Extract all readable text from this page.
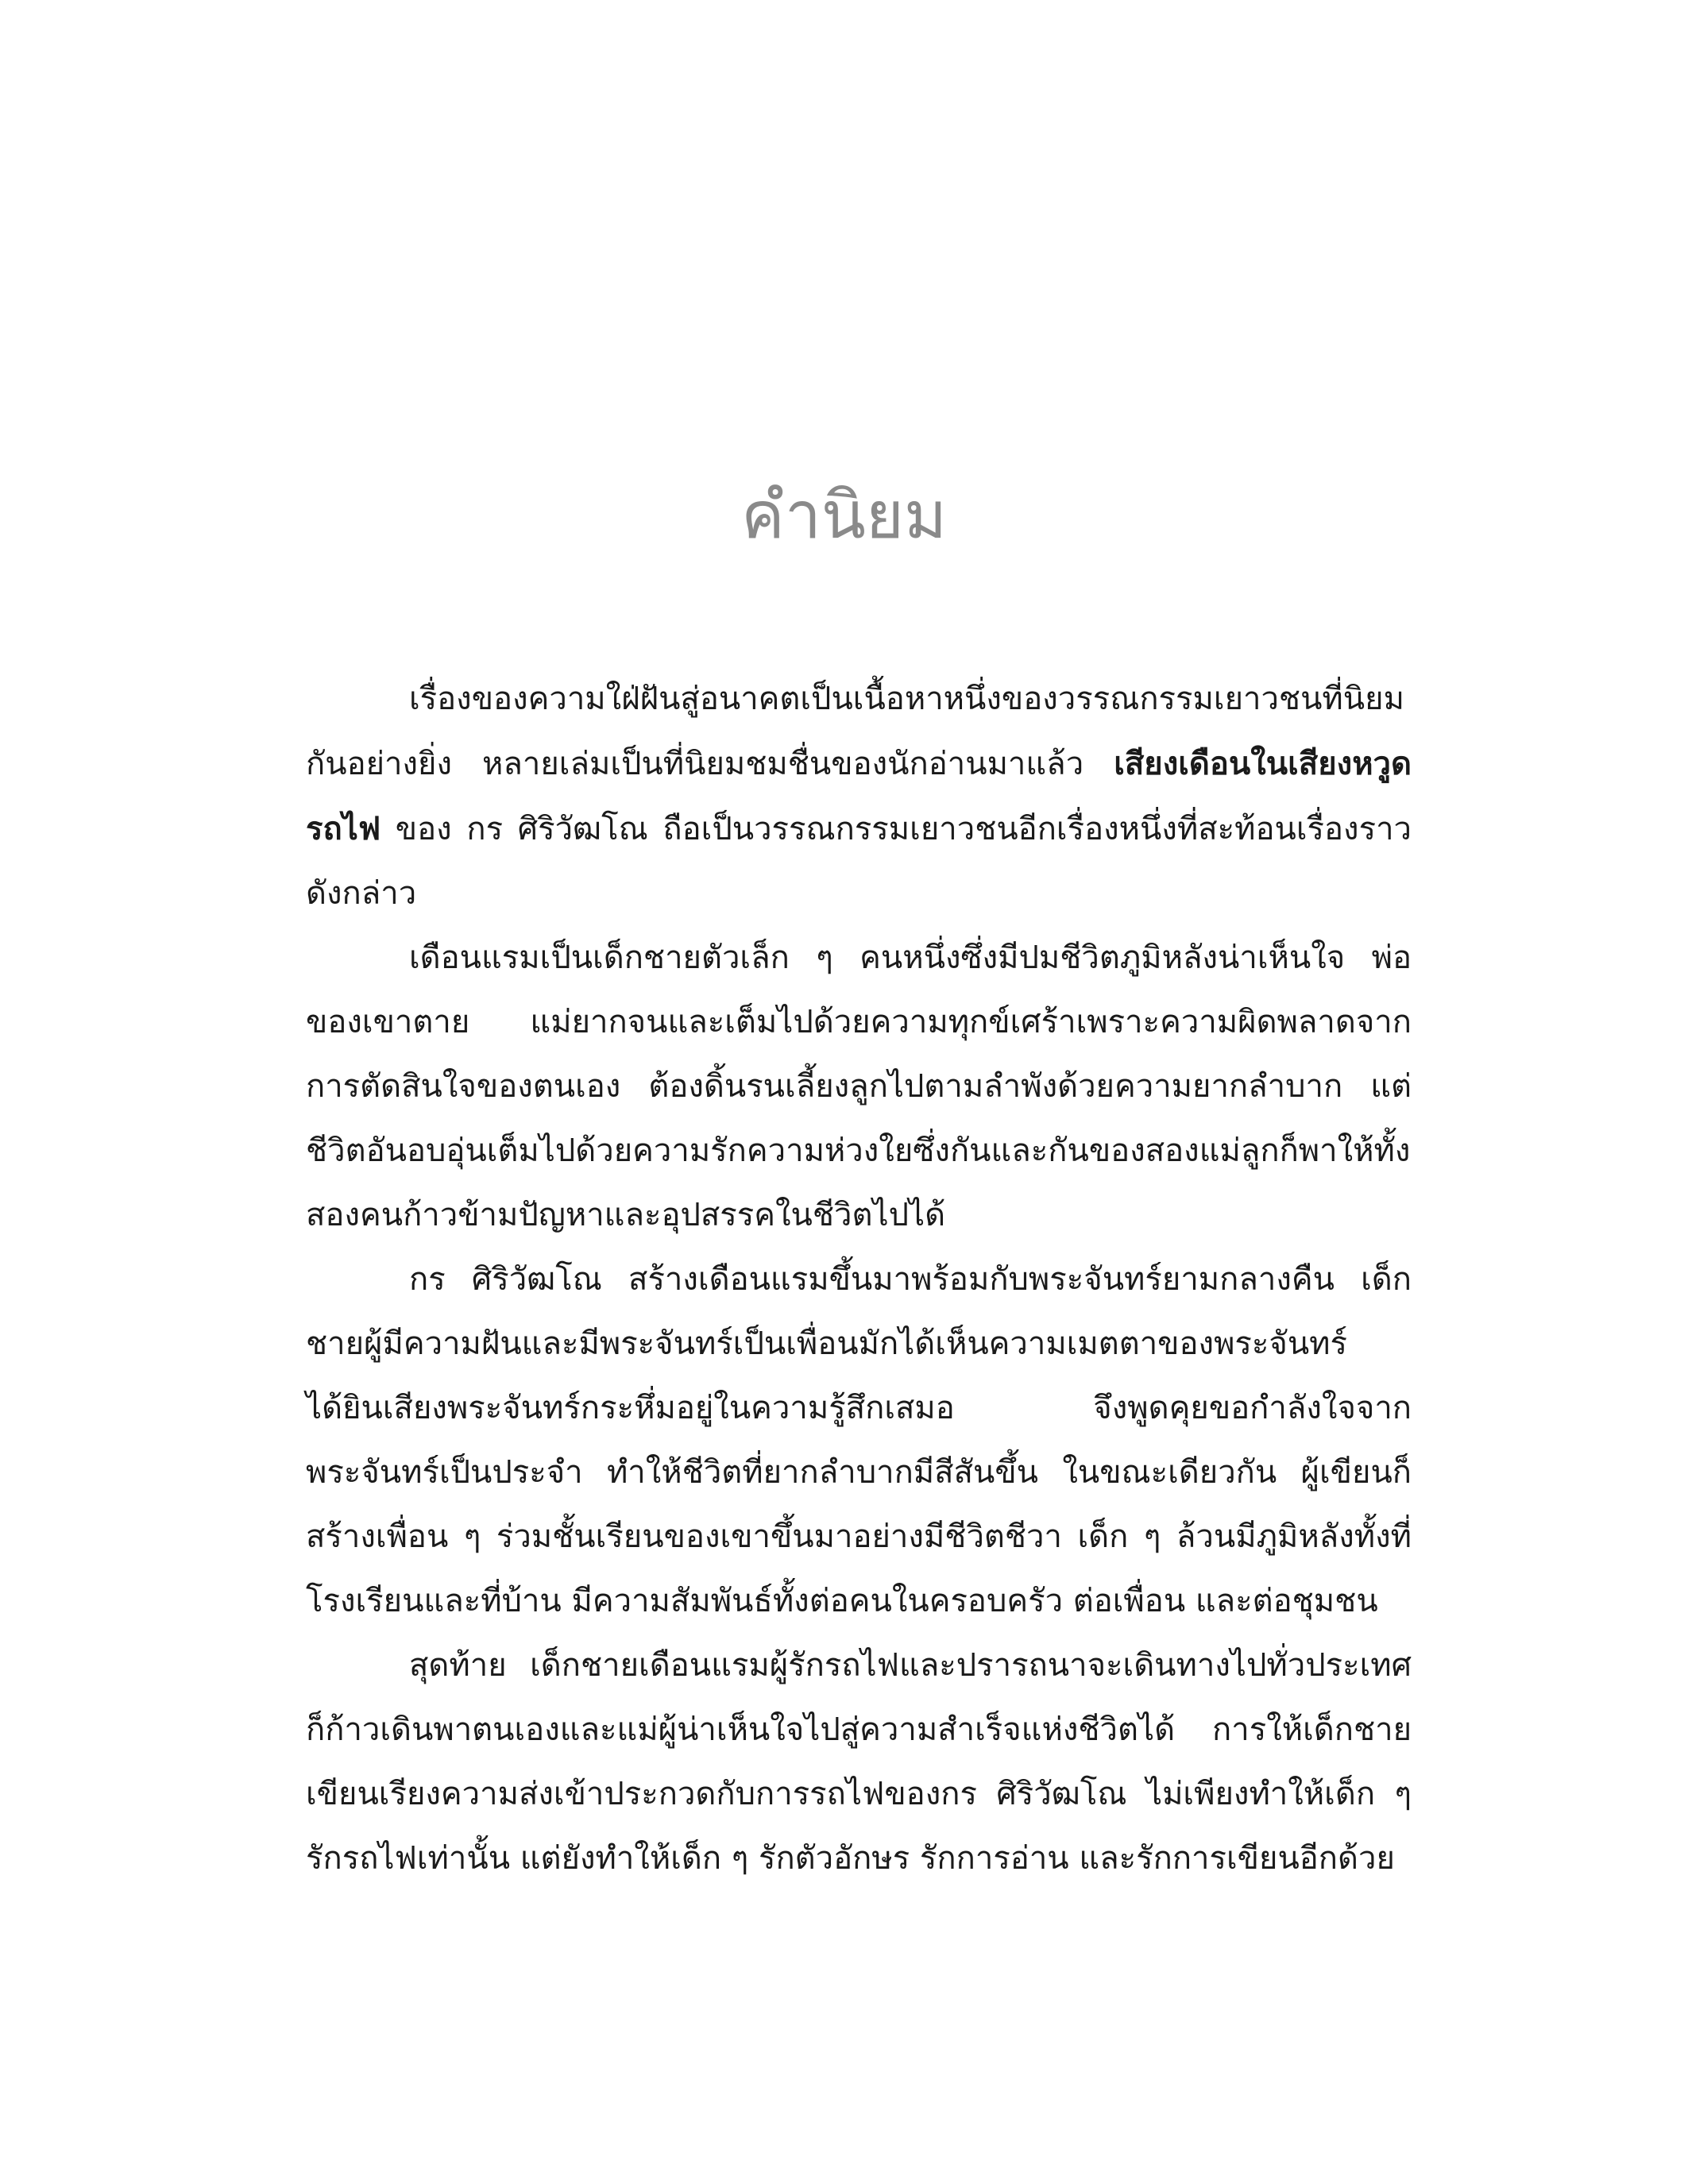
คำนิยม

เรื่องของความใฝ่ฝันสู่อนาคตเป็นเนื้อหาหนึ่งของวรรณกรรมเยาวชนที่นิยมกันอย่างยิ่ง หลายเล่มเป็นที่นิยมชมชื่นของนักอ่านมาแล้ว เสียงเดือนในเสียงหวูดรถไฟ ของ กร ศิริวัฒโณ ถือเป็นวรรณกรรมเยาวชนอีกเรื่องหนึ่งที่สะท้อนเรื่องราวดังกล่าว

เดือนแรมเป็นเด็กชายตัวเล็ก ๆ คนหนึ่งซึ่งมีปมชีวิตภูมิหลังน่าเห็นใจ พ่อของเขาตาย แม่ยากจนและเต็มไปด้วยความทุกข์เศร้าเพราะความผิดพลาดจากการตัดสินใจของตนเอง ต้องดิ้นรนเลี้ยงลูกไปตามลำพังด้วยความยากลำบาก แต่ชีวิตอันอบอุ่นเต็มไปด้วยความรักความห่วงใยซึ่งกันและกันของสองแม่ลูกก็พาให้ทั้งสองคนก้าวข้ามปัญหาและอุปสรรคในชีวิตไปได้

กร ศิริวัฒโณ สร้างเดือนแรมขึ้นมาพร้อมกับพระจันทร์ยามกลางคืน เด็กชายผู้มีความฝันและมีพระจันทร์เป็นเพื่อนมักได้เห็นความเมตตาของพระจันทร์ ได้ยินเสียงพระจันทร์กระหึ่มอยู่ในความรู้สึกเสมอ จึงพูดคุยขอกำลังใจจากพระจันทร์เป็นประจำ ทำให้ชีวิตที่ยากลำบากมีสีสันขึ้น ในขณะเดียวกัน ผู้เขียนก็สร้างเพื่อน ๆ ร่วมชั้นเรียนของเขาขึ้นมาอย่างมีชีวิตชีวา เด็ก ๆ ล้วนมีภูมิหลังทั้งที่โรงเรียนและที่บ้าน มีความสัมพันธ์ทั้งต่อคนในครอบครัว ต่อเพื่อน และต่อชุมชน

สุดท้าย เด็กชายเดือนแรมผู้รักรถไฟและปรารถนาจะเดินทางไปทั่วประเทศก็ก้าวเดินพาตนเองและแม่ผู้น่าเห็นใจไปสู่ความสำเร็จแห่งชีวิตได้ การให้เด็กชายเขียนเรียงความส่งเข้าประกวดกับการรถไฟของกร ศิริวัฒโณ ไม่เพียงทำให้เด็ก ๆ รักรถไฟเท่านั้น แต่ยังทำให้เด็ก ๆ รักตัวอักษร รักการอ่าน และรักการเขียนอีกด้วย
